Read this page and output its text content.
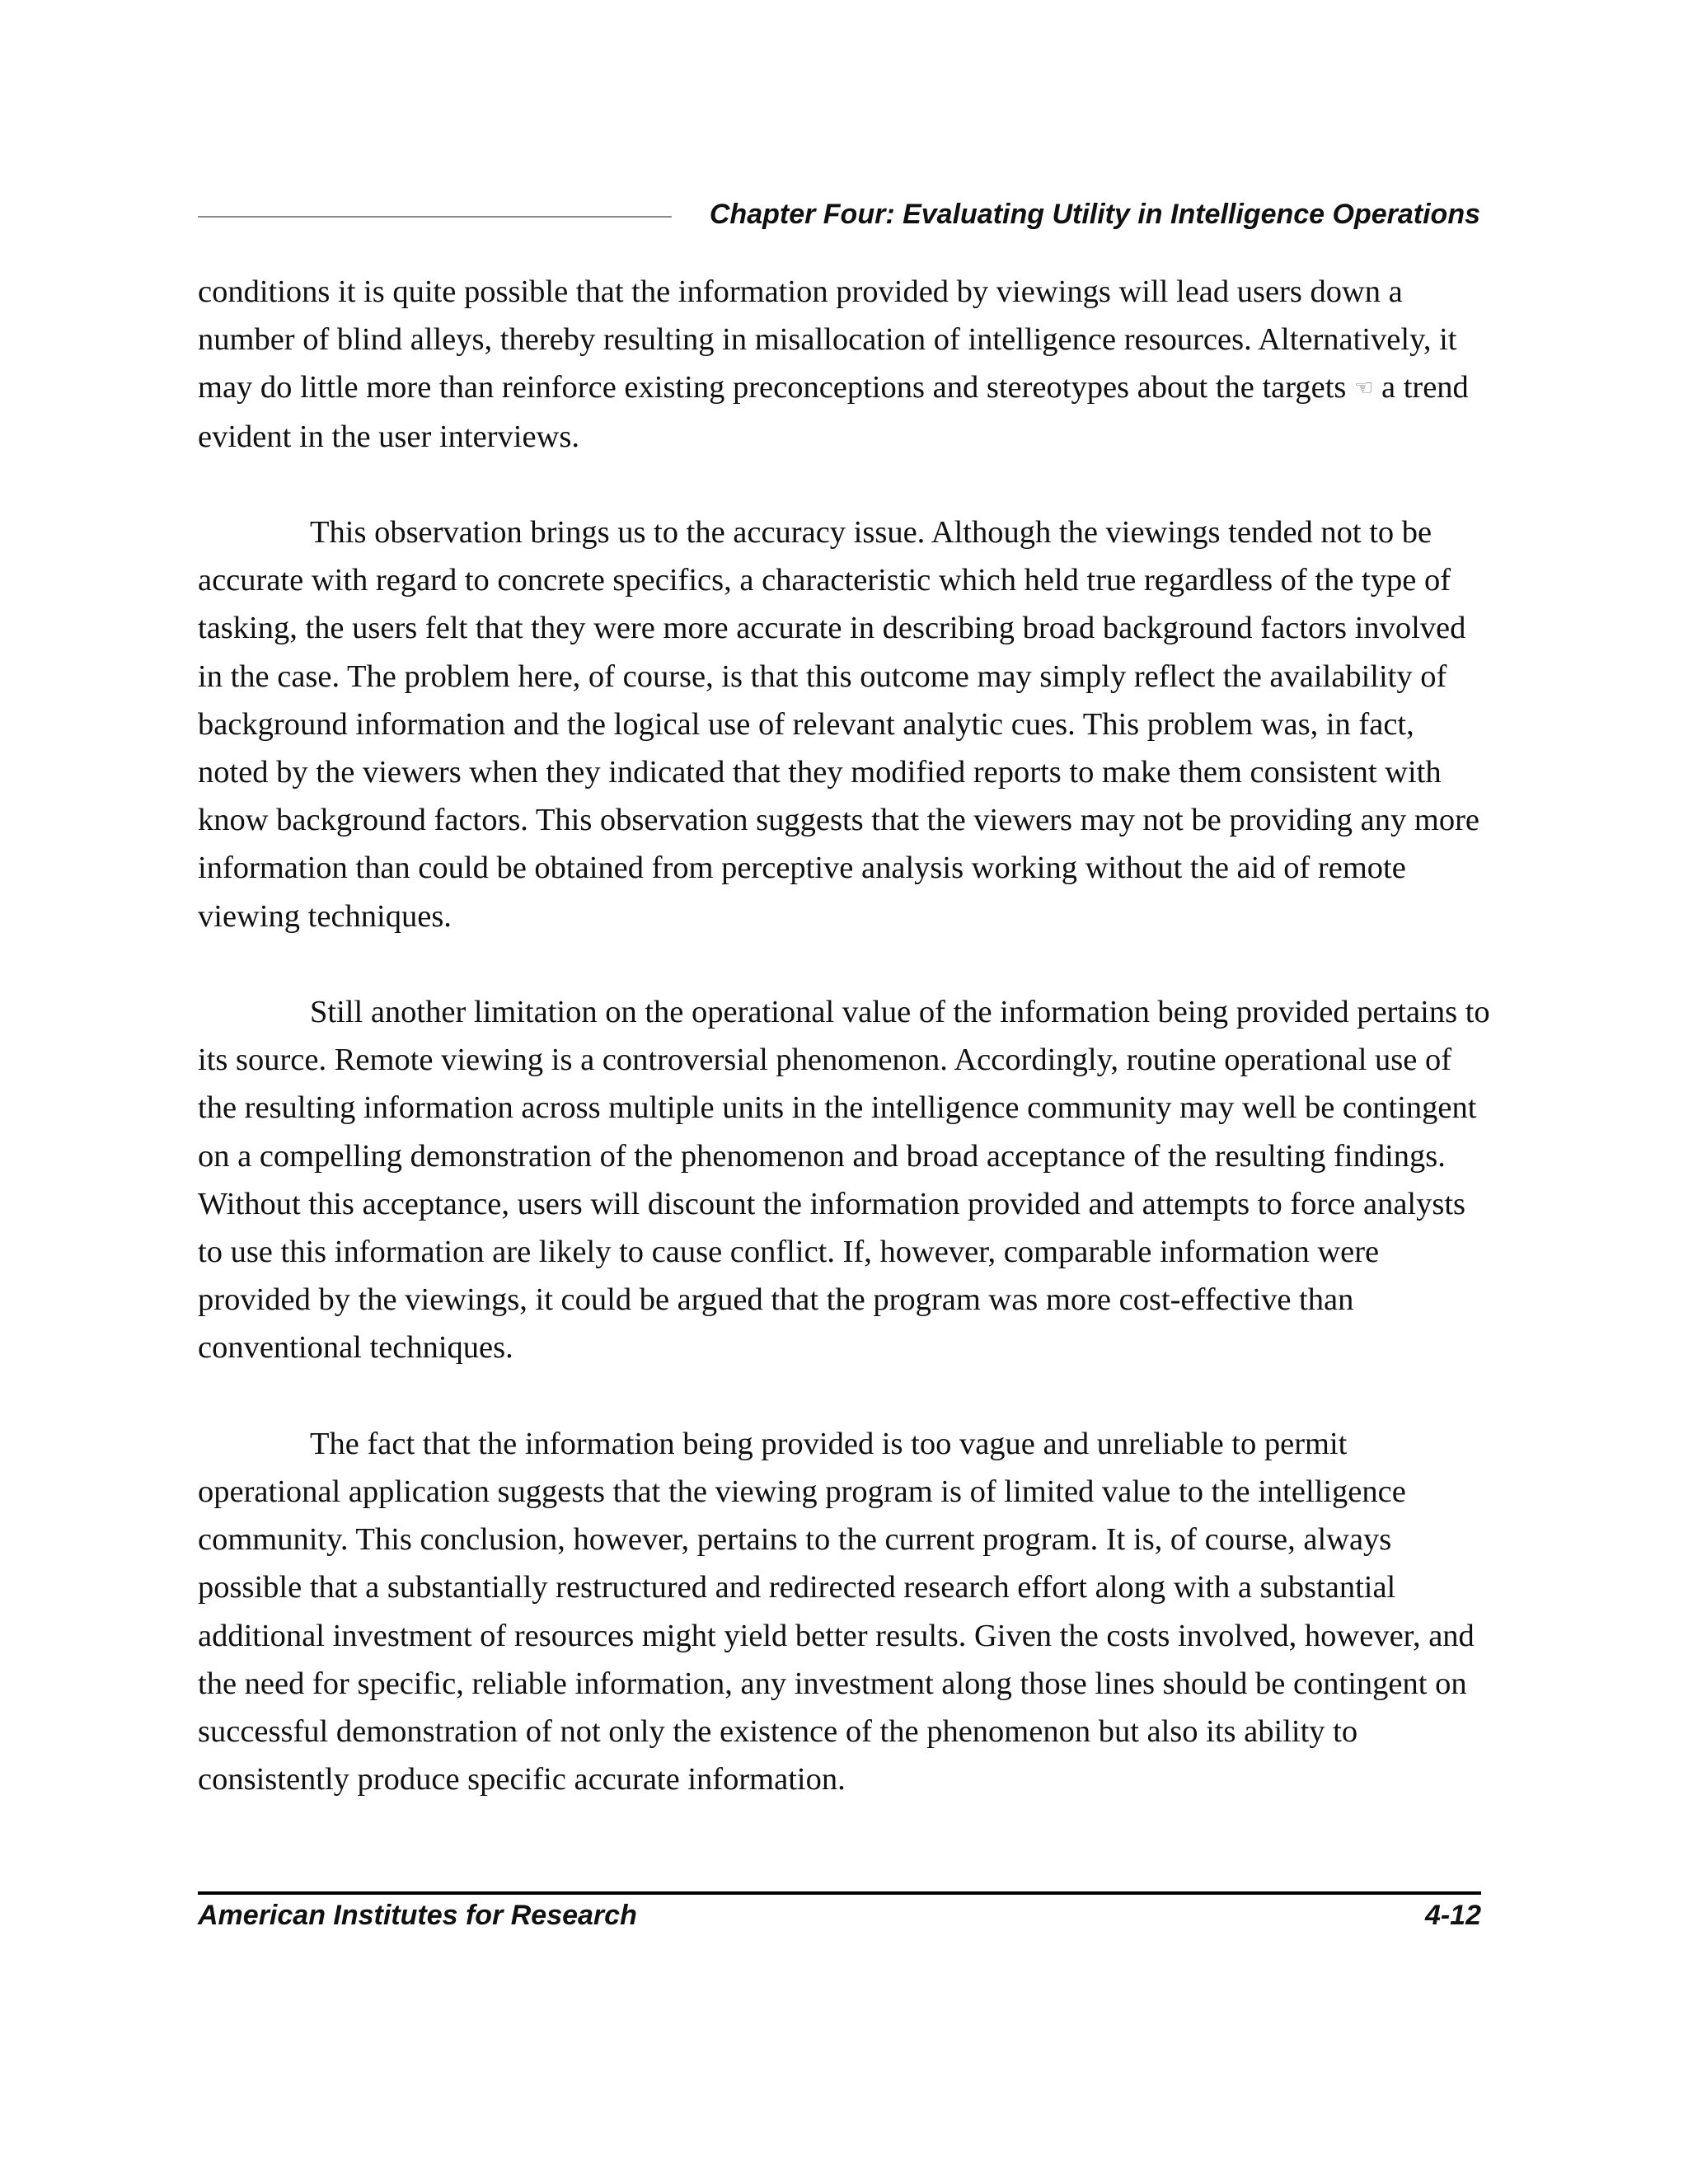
Chapter Four: Evaluating Utility in Intelligence Operations

conditions it is quite possible that the information provided by viewings will lead users down a number of blind alleys, thereby resulting in misallocation of intelligence resources. Alternatively, it may do little more than reinforce existing preconceptions and stereotypes about the targets ☜ a trend evident in the user interviews.

This observation brings us to the accuracy issue. Although the viewings tended not to be accurate with regard to concrete specifics, a characteristic which held true regardless of the type of tasking, the users felt that they were more accurate in describing broad background factors involved in the case. The problem here, of course, is that this outcome may simply reflect the availability of background information and the logical use of relevant analytic cues. This problem was, in fact, noted by the viewers when they indicated that they modified reports to make them consistent with know background factors. This observation suggests that the viewers may not be providing any more information than could be obtained from perceptive analysis working without the aid of remote viewing techniques.

Still another limitation on the operational value of the information being provided pertains to its source. Remote viewing is a controversial phenomenon. Accordingly, routine operational use of the resulting information across multiple units in the intelligence community may well be contingent on a compelling demonstration of the phenomenon and broad acceptance of the resulting findings. Without this acceptance, users will discount the information provided and attempts to force analysts to use this information are likely to cause conflict. If, however, comparable information were provided by the viewings, it could be argued that the program was more cost-effective than conventional techniques.

The fact that the information being provided is too vague and unreliable to permit operational application suggests that the viewing program is of limited value to the intelligence community. This conclusion, however, pertains to the current program. It is, of course, always possible that a substantially restructured and redirected research effort along with a substantial additional investment of resources might yield better results. Given the costs involved, however, and the need for specific, reliable information, any investment along those lines should be contingent on successful demonstration of not only the existence of the phenomenon but also its ability to consistently produce specific accurate information.

American Institutes for Research	4-12
